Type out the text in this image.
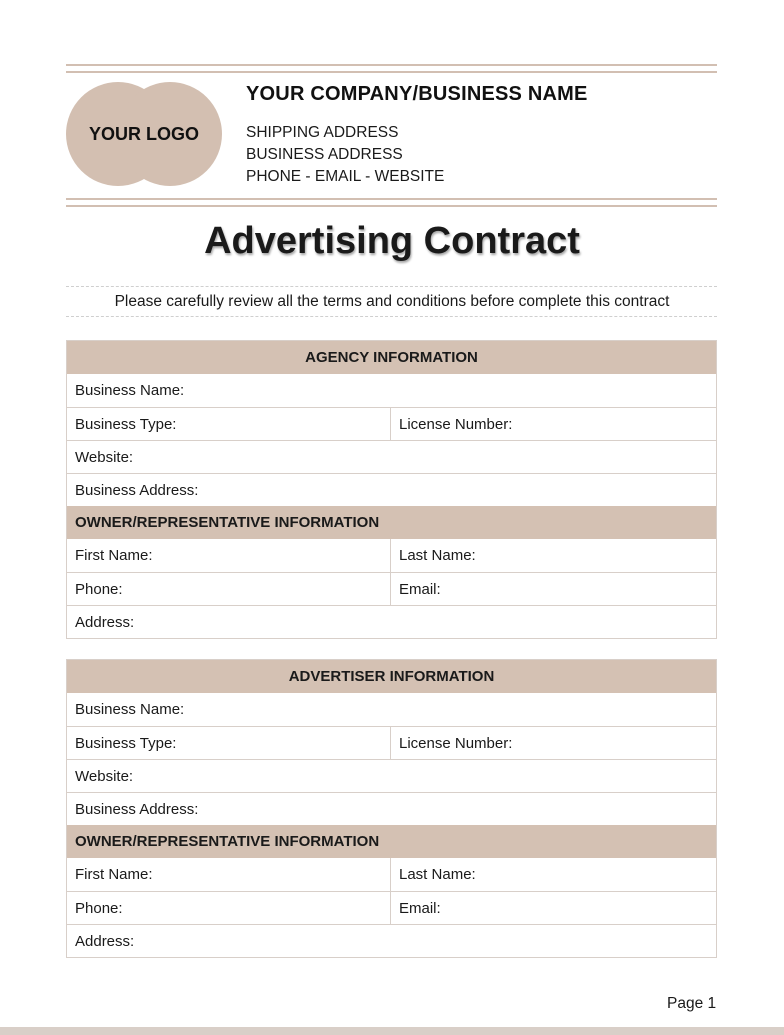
YOUR LOGO
YOUR COMPANY/BUSINESS NAME
SHIPPING ADDRESS
BUSINESS ADDRESS
PHONE - EMAIL - WEBSITE
Advertising Contract
Please carefully review all the terms and conditions before complete this contract
AGENCY INFORMATION
Business Name:
Business Type:	License Number:
Website:
Business Address:
OWNER/REPRESENTATIVE INFORMATION
First Name:	Last Name:
Phone:	Email:
Address:
ADVERTISER INFORMATION
Business Name:
Business Type:	License Number:
Website:
Business Address:
OWNER/REPRESENTATIVE INFORMATION
First Name:	Last Name:
Phone:	Email:
Address:
Page 1
